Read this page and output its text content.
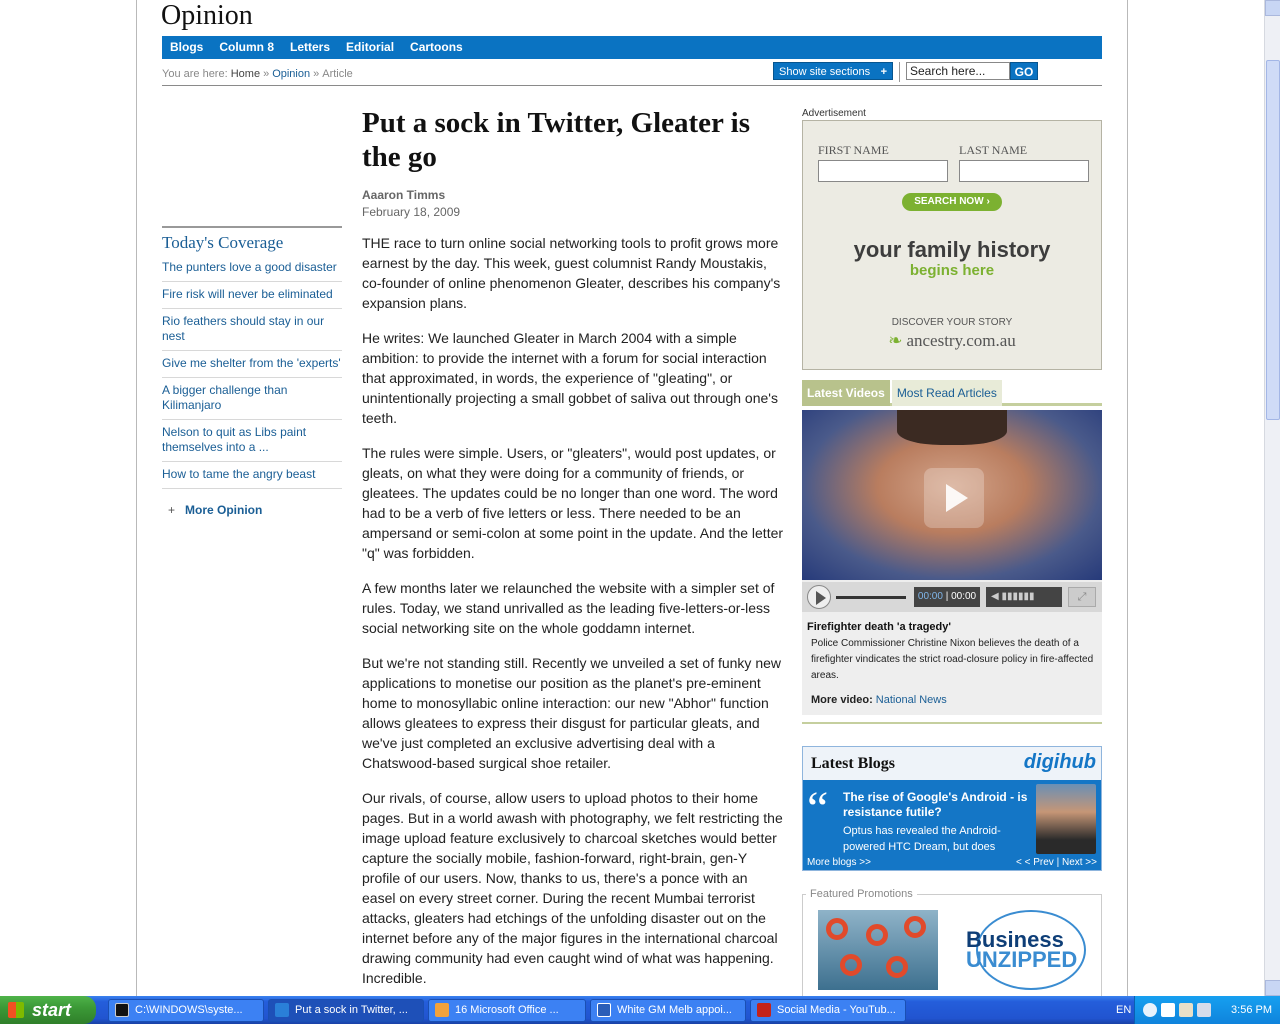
Opinion
Blogs	Column 8	Letters	Editorial	Cartoons
You are here: Home » Opinion » Article	Show site sections +
Search here...	GO
Today's Coverage
The punters love a good disaster
Fire risk will never be eliminated
Rio feathers should stay in our nest
Give me shelter from the 'experts'
A bigger challenge than Kilimanjaro
Nelson to quit as Libs paint themselves into a ...
How to tame the angry beast
+ More Opinion
Put a sock in Twitter, Gleater is the go
Aaaron Timms
February 18, 2009

THE race to turn online social networking tools to profit grows more earnest by the day. This week, guest columnist Randy Moustakis, co-founder of online phenomenon Gleater, describes his company's expansion plans.

He writes: We launched Gleater in March 2004 with a simple ambition: to provide the internet with a forum for social interaction that approximated, in words, the experience of "gleating", or unintentionally projecting a small gobbet of saliva out through one's teeth.

The rules were simple. Users, or "gleaters", would post updates, or gleats, on what they were doing for a community of friends, or gleatees. The updates could be no longer than one word. The word had to be a verb of five letters or less. There needed to be an ampersand or semi-colon at some point in the update. And the letter "q" was forbidden.

A few months later we relaunched the website with a simpler set of rules. Today, we stand unrivalled as the leading five-letters-or-less social networking site on the whole goddamn internet.

But we're not standing still. Recently we unveiled a set of funky new applications to monetise our position as the planet's pre-eminent home to monosyllabic online interaction: our new "Abhor" function allows gleatees to express their disgust for particular gleats, and we've just completed an exclusive advertising deal with a Chatswood-based surgical shoe retailer.

Our rivals, of course, allow users to upload photos to their home pages. But in a world awash with photography, we felt restricting the image upload feature exclusively to charcoal sketches would better capture the socially mobile, fashion-forward, right-brain, gen-Y profile of our users. Now, thanks to us, there's a ponce with an easel on every street corner. During the recent Mumbai terrorist attacks, gleaters had etchings of the unfolding disaster out on the internet before any of the major figures in the international charcoal drawing community had even caught wind of what was happening. Incredible.

Advertisement
FIRST NAME	LAST NAME
SEARCH NOW ›
your family history
begins here
DISCOVER YOUR STORY
❧ ancestry.com.au
Latest Videos	Most Read Articles
00:00 | 00:00	◀ ▮▮▮▮▮▮	⤢
Firefighter death 'a tragedy'
Police Commissioner Christine Nixon believes the death of a firefighter vindicates the strict road-closure policy in fire-affected areas.
More video: National News
Latest Blogs	digihub
“ The rise of Google's Android - is resistance futile?
Optus has revealed the Android-powered HTC Dream, but does
More blogs >>	< < Prev | Next >>
Featured Promotions
Business
UNZIPPED
start	C:\WINDOWS\syste...	Put a sock in Twitter, ...	16 Microsoft Office ...	White GM Melb appoi...	Social Media - YouTub...	EN	3:56 PM
